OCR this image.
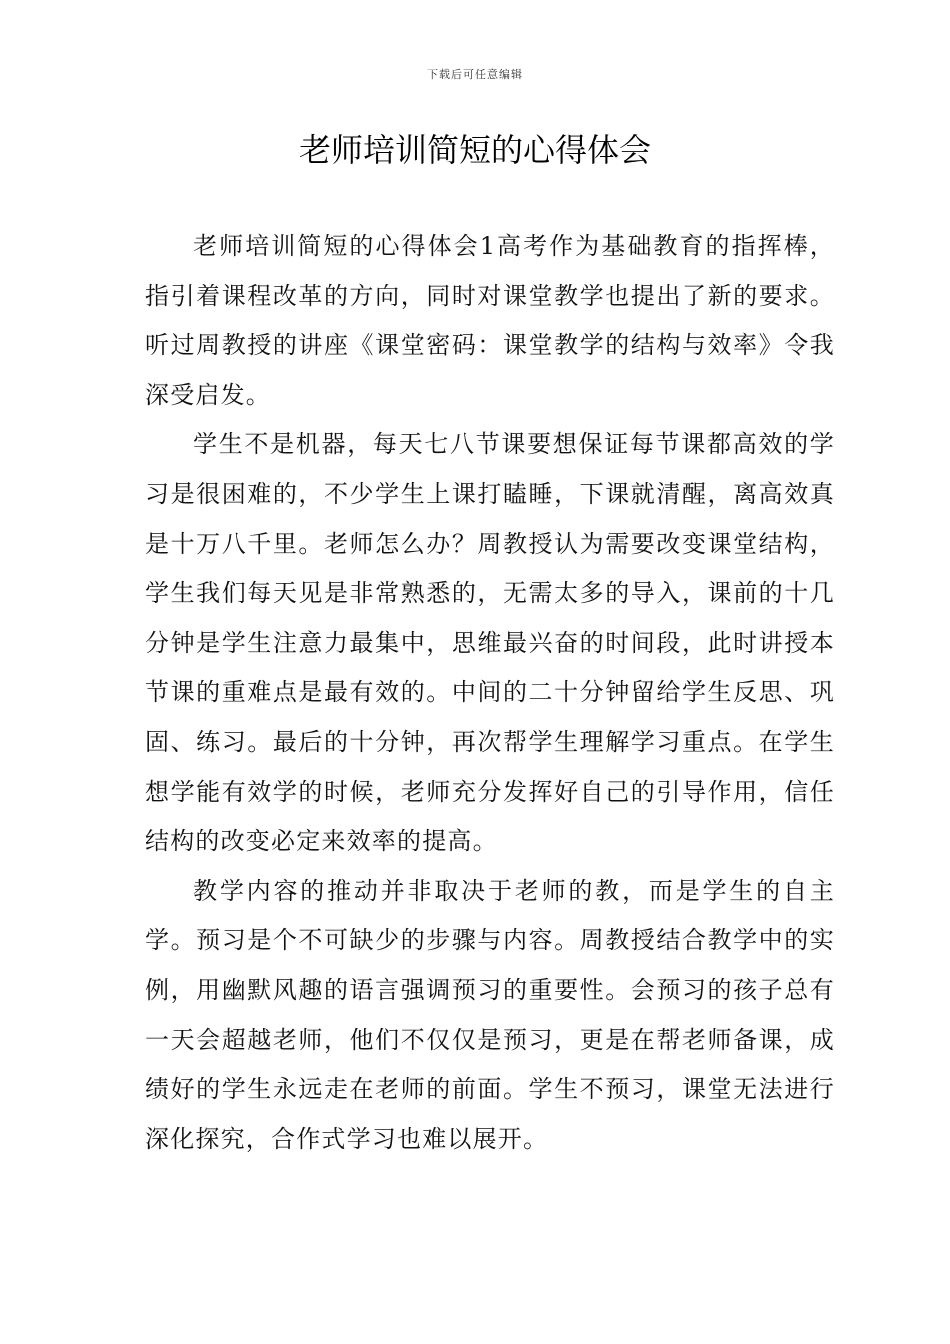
下载后可任意编辑
老师培训简短的心得体会

老师培训简短的心得体会1高考作为基础教育的指挥棒，指引着课程改革的方向，同时对课堂教学也提出了新的要求。听过周教授的讲座《课堂密码：课堂教学的结构与效率》令我深受启发。

学生不是机器，每天七八节课要想保证每节课都高效的学习是很困难的，不少学生上课打瞌睡，下课就清醒，离高效真是十万八千里。老师怎么办？周教授认为需要改变课堂结构，学生我们每天见是非常熟悉的，无需太多的导入，课前的十几分钟是学生注意力最集中，思维最兴奋的时间段，此时讲授本节课的重难点是最有效的。中间的二十分钟留给学生反思、巩固、练习。最后的十分钟，再次帮学生理解学习重点。在学生想学能有效学的时候，老师充分发挥好自己的引导作用，信任结构的改变必定来效率的提高。

教学内容的推动并非取决于老师的教，而是学生的自主学。预习是个不可缺少的步骤与内容。周教授结合教学中的实例，用幽默风趣的语言强调预习的重要性。会预习的孩子总有一天会超越老师，他们不仅仅是预习，更是在帮老师备课，成绩好的学生永远走在老师的前面。学生不预习，课堂无法进行深化探究，合作式学习也难以展开。
